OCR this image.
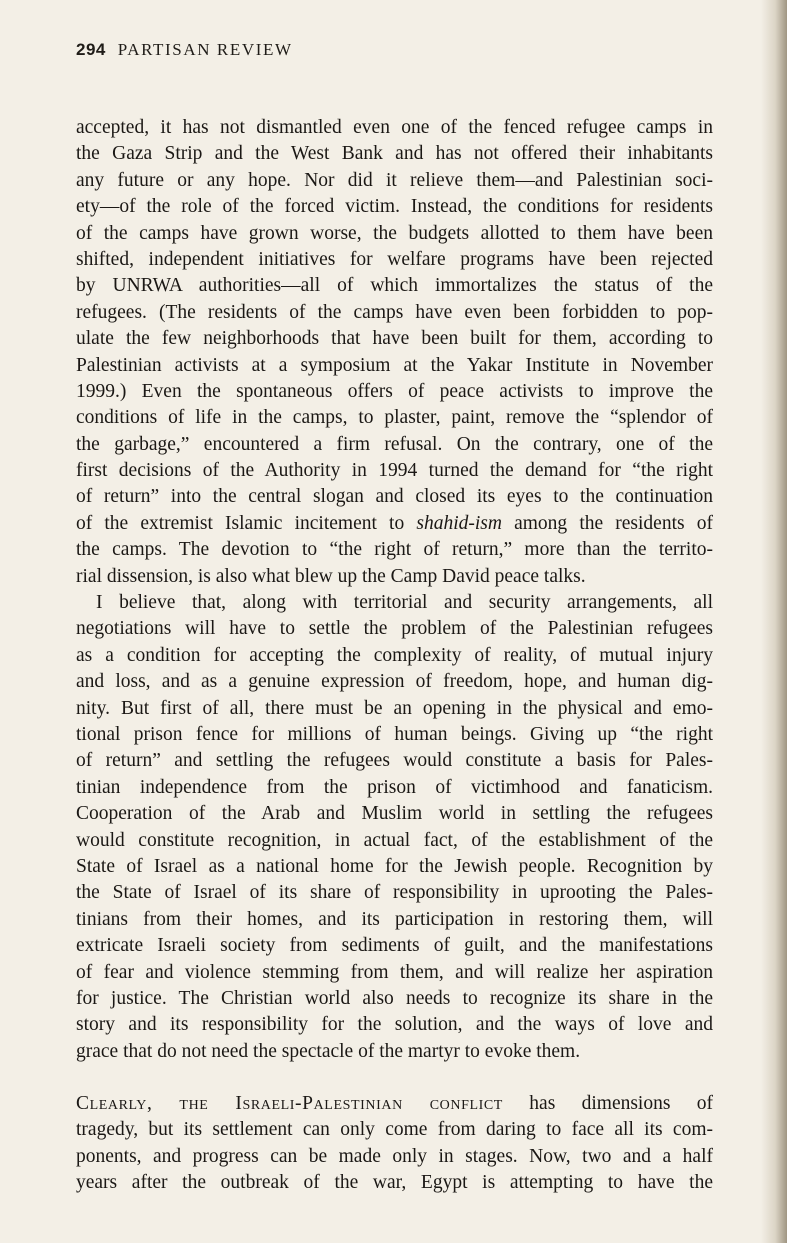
294 PARTISAN REVIEW
accepted, it has not dismantled even one of the fenced refugee camps in
the Gaza Strip and the West Bank and has not offered their inhabitants
any future or any hope. Nor did it relieve them—and Palestinian soci-
ety—of the role of the forced victim. Instead, the conditions for residents
of the camps have grown worse, the budgets allotted to them have been
shifted, independent initiatives for welfare programs have been rejected
by UNRWA authorities—all of which immortalizes the status of the
refugees. (The residents of the camps have even been forbidden to pop-
ulate the few neighborhoods that have been built for them, according to
Palestinian activists at a symposium at the Yakar Institute in November
1999.) Even the spontaneous offers of peace activists to improve the
conditions of life in the camps, to plaster, paint, remove the “splendor of
the garbage,” encountered a firm refusal. On the contrary, one of the
first decisions of the Authority in 1994 turned the demand for “the right
of return” into the central slogan and closed its eyes to the continuation
of the extremist Islamic incitement to shahid-ism among the residents of
the camps. The devotion to “the right of return,” more than the territo-
rial dissension, is also what blew up the Camp David peace talks.
I believe that, along with territorial and security arrangements, all
negotiations will have to settle the problem of the Palestinian refugees
as a condition for accepting the complexity of reality, of mutual injury
and loss, and as a genuine expression of freedom, hope, and human dig-
nity. But first of all, there must be an opening in the physical and emo-
tional prison fence for millions of human beings. Giving up “the right
of return” and settling the refugees would constitute a basis for Pales-
tinian independence from the prison of victimhood and fanaticism.
Cooperation of the Arab and Muslim world in settling the refugees
would constitute recognition, in actual fact, of the establishment of the
State of Israel as a national home for the Jewish people. Recognition by
the State of Israel of its share of responsibility in uprooting the Pales-
tinians from their homes, and its participation in restoring them, will
extricate Israeli society from sediments of guilt, and the manifestations
of fear and violence stemming from them, and will realize her aspiration
for justice. The Christian world also needs to recognize its share in the
story and its responsibility for the solution, and the ways of love and
grace that do not need the spectacle of the martyr to evoke them.
Clearly, the Israeli-Palestinian conflict has dimensions of
tragedy, but its settlement can only come from daring to face all its com-
ponents, and progress can be made only in stages. Now, two and a half
years after the outbreak of the war, Egypt is attempting to have the
